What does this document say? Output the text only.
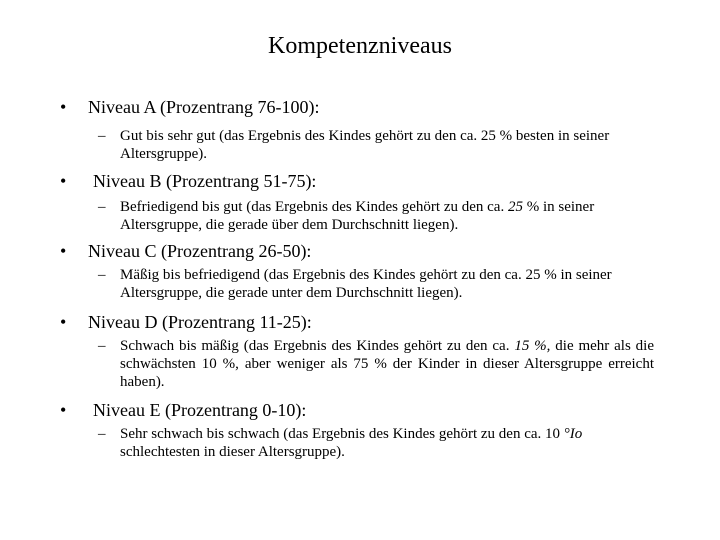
Kompetenzniveaus
• Niveau A (Prozentrang 76-100):
– Gut bis sehr gut (das Ergebnis des Kindes gehört zu den ca. 25 % besten in seiner Altersgruppe).
• Niveau B (Prozentrang 51-75):
– Befriedigend bis gut (das Ergebnis des Kindes gehört zu den ca. 25 % in seiner Altersgruppe, die gerade über dem Durchschnitt liegen).
• Niveau C (Prozentrang 26-50):
– Mäßig bis befriedigend (das Ergebnis des Kindes gehört zu den ca. 25 % in seiner Altersgruppe, die gerade unter dem Durchschnitt liegen).
• Niveau D (Prozentrang 11-25):
– Schwach bis mäßig (das Ergebnis des Kindes gehört zu den ca. 15 %, die mehr als die schwächsten 10 %, aber weniger als 75 % der Kinder in dieser Altersgruppe erreicht haben).
• Niveau E (Prozentrang 0-10):
– Sehr schwach bis schwach (das Ergebnis des Kindes gehört zu den ca. 10 °Io schlechtesten in dieser Altersgruppe).
